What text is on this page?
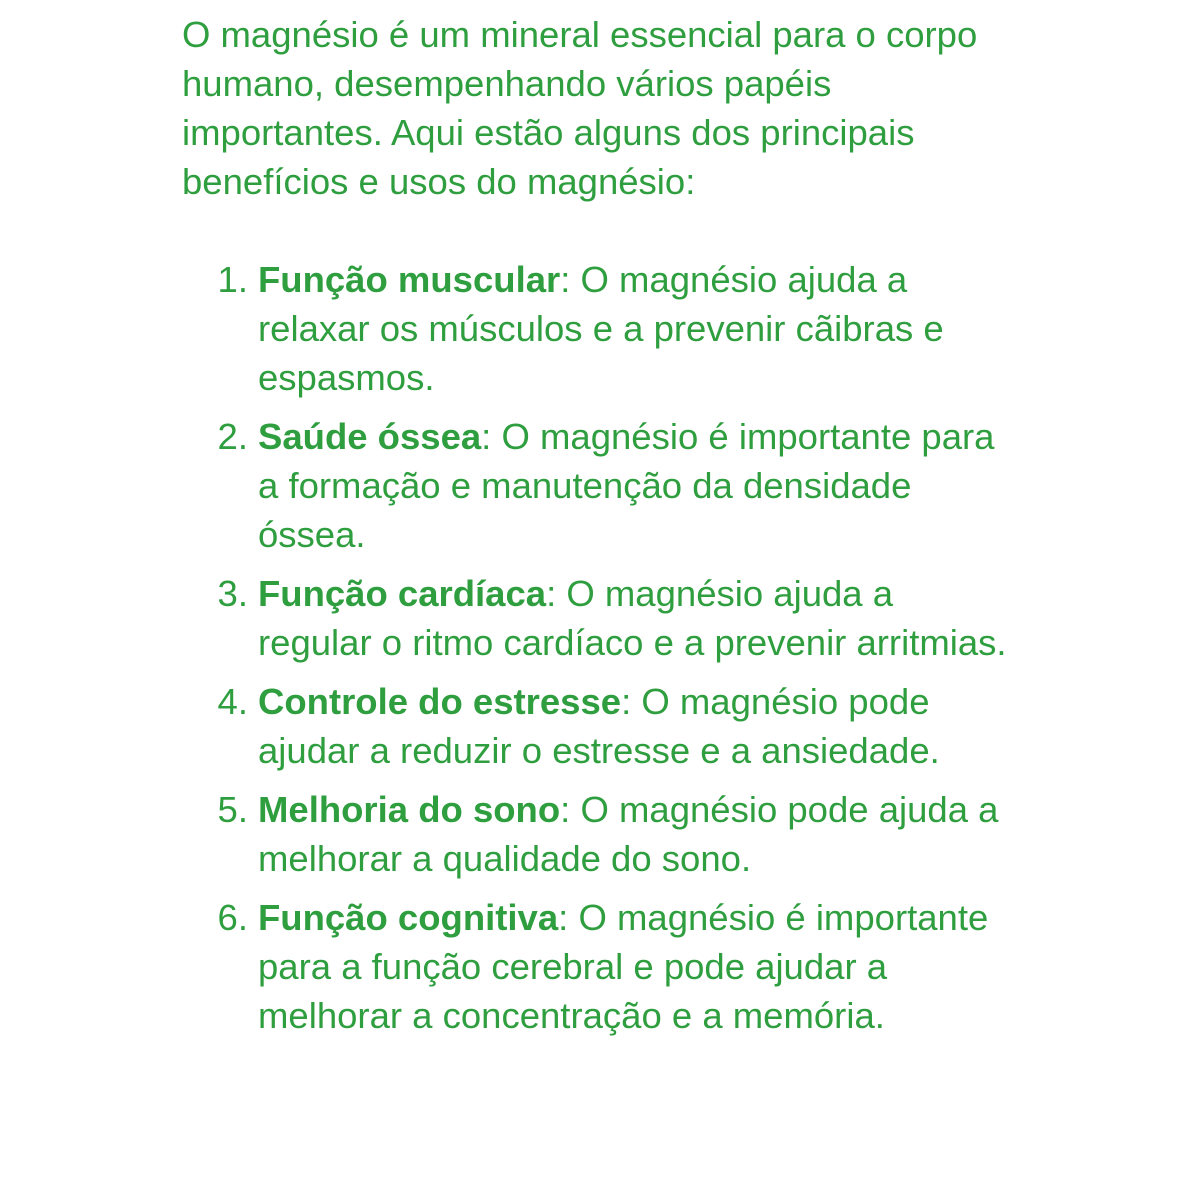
O magnésio é um mineral essencial para o corpo humano, desempenhando vários papéis importantes. Aqui estão alguns dos principais benefícios e usos do magnésio:

1. Função muscular: O magnésio ajuda a relaxar os músculos e a prevenir cãibras e espasmos.
2. Saúde óssea: O magnésio é importante para a formação e manutenção da densidade óssea.
3. Função cardíaca: O magnésio ajuda a regular o ritmo cardíaco e a prevenir arritmias.
4. Controle do estresse: O magnésio pode ajudar a reduzir o estresse e a ansiedade.
5. Melhoria do sono: O magnésio pode ajuda a melhorar a qualidade do sono.
6. Função cognitiva: O magnésio é importante para a função cerebral e pode ajudar a melhorar a concentração e a memória.
